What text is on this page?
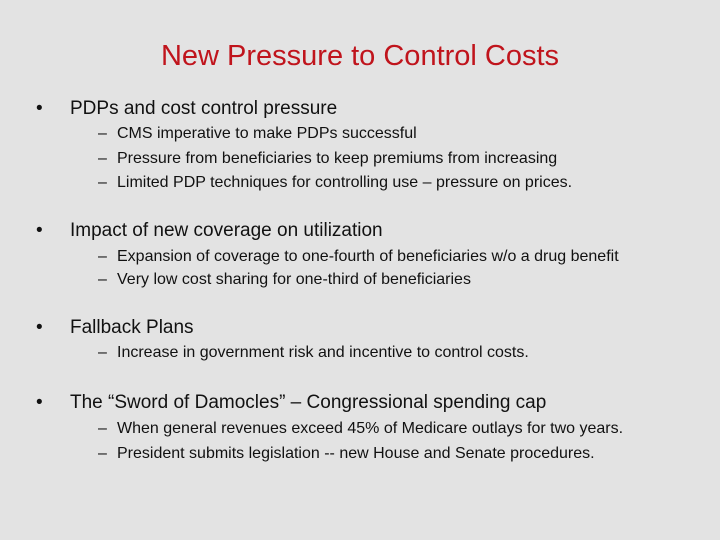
New Pressure to Control Costs
• PDPs and cost control pressure
– CMS imperative to make PDPs successful
– Pressure from beneficiaries to keep premiums from increasing
– Limited PDP techniques for controlling use – pressure on prices.
• Impact of new coverage on utilization
– Expansion of coverage to one-fourth of beneficiaries w/o a drug benefit
– Very low cost sharing for one-third of beneficiaries
• Fallback Plans
– Increase in government risk and incentive to control costs.
• The “Sword of Damocles” – Congressional spending cap
– When general revenues exceed 45% of Medicare outlays for two years.
– President submits legislation -- new House and Senate procedures.
